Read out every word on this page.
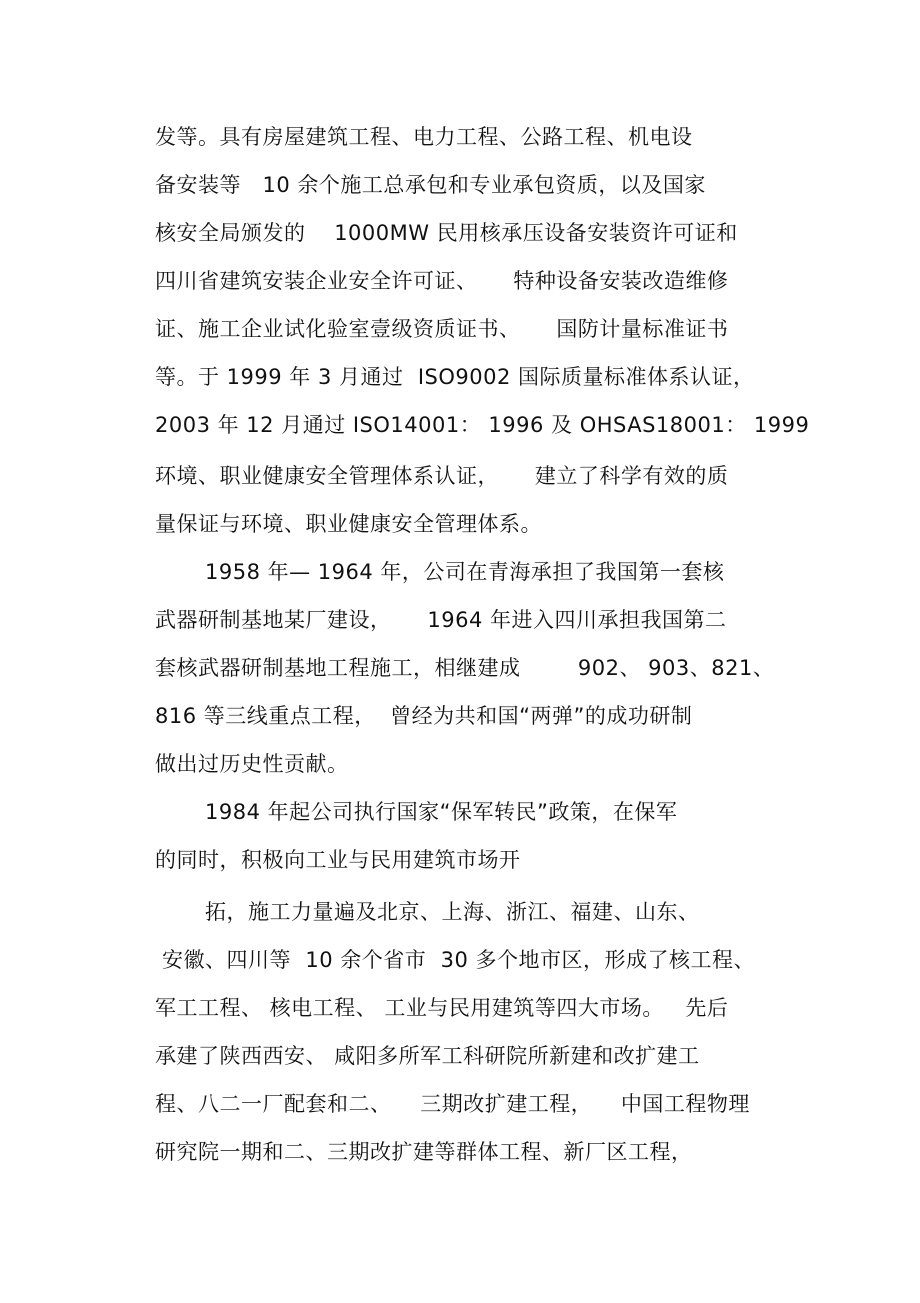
发等。具有房屋建筑工程、电力工程、公路工程、机电设
备安装等   10 余个施工总承包和专业承包资质，以及国家
核安全局颁发的    1000MW 民用核承压设备安装资许可证和
四川省建筑安装企业安全许可证、     特种设备安装改造维修
证、施工企业试化验室壹级资质证书、     国防计量标准证书
等。于 1999 年 3 月通过  ISO9002 国际质量标准体系认证，
2003 年 12 月通过 ISO14001： 1996 及 OHSAS18001： 1999
环境、职业健康安全管理体系认证，     建立了科学有效的质
量保证与环境、职业健康安全管理体系。
1958 年— 1964 年，公司在青海承担了我国第一套核
武器研制基地某厂建设，     1964 年进入四川承担我国第二
套核武器研制基地工程施工，相继建成        902、 903、821、
816 等三线重点工程，  曾经为共和国“两弹”的成功研制
做出过历史性贡献。
1984 年起公司执行国家“保军转民”政策，在保军
的同时，积极向工业与民用建筑市场开
拓，施工力量遍及北京、上海、浙江、福建、山东、
安徽、四川等  10 余个省市  30 多个地市区，形成了核工程、
军工工程、 核电工程、 工业与民用建筑等四大市场。   先后
承建了陕西西安、 咸阳多所军工科研院所新建和改扩建工
程、八二一厂配套和二、    三期改扩建工程，    中国工程物理
研究院一期和二、三期改扩建等群体工程、新厂区工程，
